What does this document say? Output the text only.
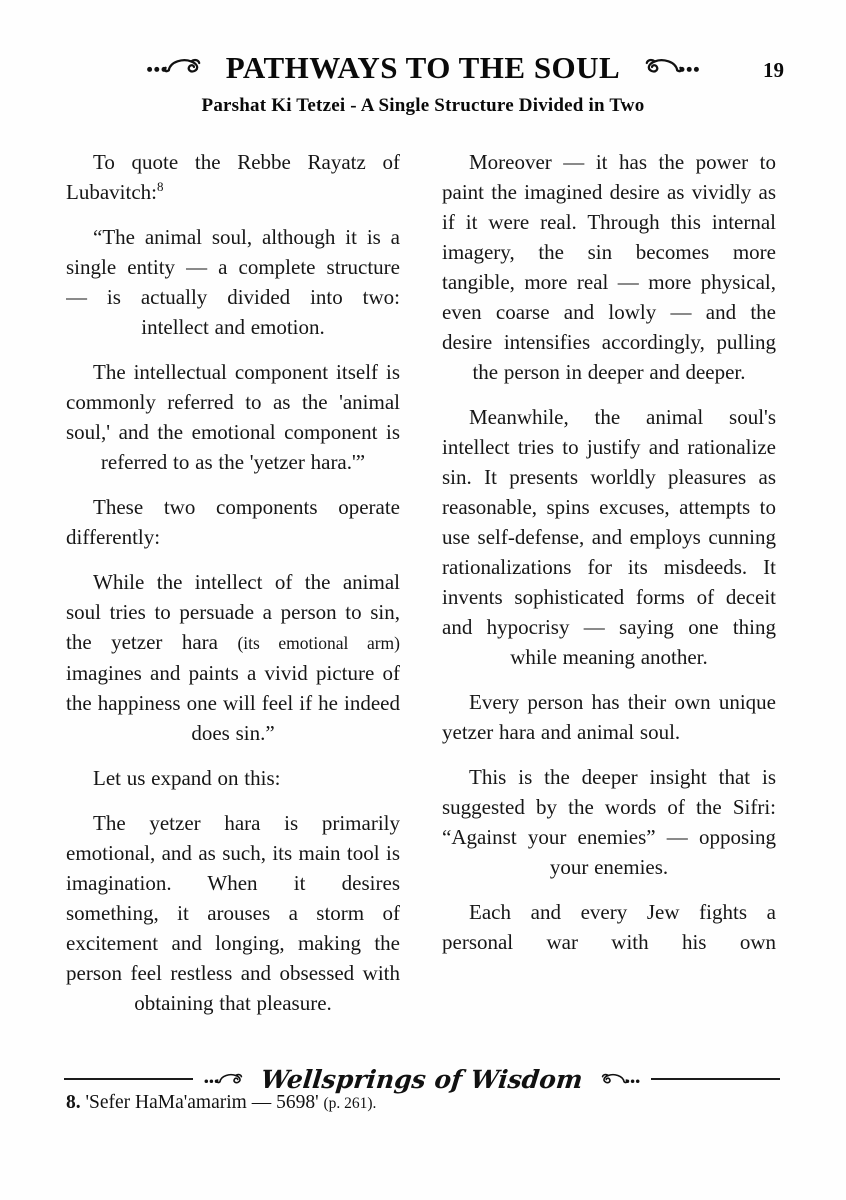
PATHWAYS TO THE SOUL	19
Parshat Ki Tetzei - A Single Structure Divided in Two

To quote the Rebbe Rayatz of Lubavitch:$^8$

“The animal soul, although it is a single entity — a complete structure — is actually divided into two: intellect and emotion.

The intellectual component itself is commonly referred to as the 'animal soul,' and the emotional component is referred to as the 'yetzer hara.'”

These two components operate differently:

While the intellect of the animal soul tries to persuade a person to sin, the yetzer hara (its emotional arm) imagines and paints a vivid picture of the happiness one will feel if he indeed does sin.”

Let us expand on this:

The yetzer hara is primarily emotional, and as such, its main tool is imagination. When it desires something, it arouses a storm of excitement and longing, making the person feel restless and obsessed with obtaining that pleasure.

Moreover — it has the power to paint the imagined desire as vividly as if it were real. Through this internal imagery, the sin becomes more tangible, more real — more physical, even coarse and lowly — and the desire intensifies accordingly, pulling the person in deeper and deeper.

Meanwhile, the animal soul's intellect tries to justify and rationalize sin. It presents worldly pleasures as reasonable, spins excuses, attempts to use self-defense, and employs cunning rationalizations for its misdeeds. It invents sophisticated forms of deceit and hypocrisy — saying one thing while meaning another.

Every person has their own unique yetzer hara and animal soul.

This is the deeper insight that is suggested by the words of the Sifri: “Against your enemies” — opposing your enemies.

Each and every Jew fights a personal war with his own

Wellsprings of Wisdom
8. 'Sefer HaMa'amarim — 5698' (p. 261).
